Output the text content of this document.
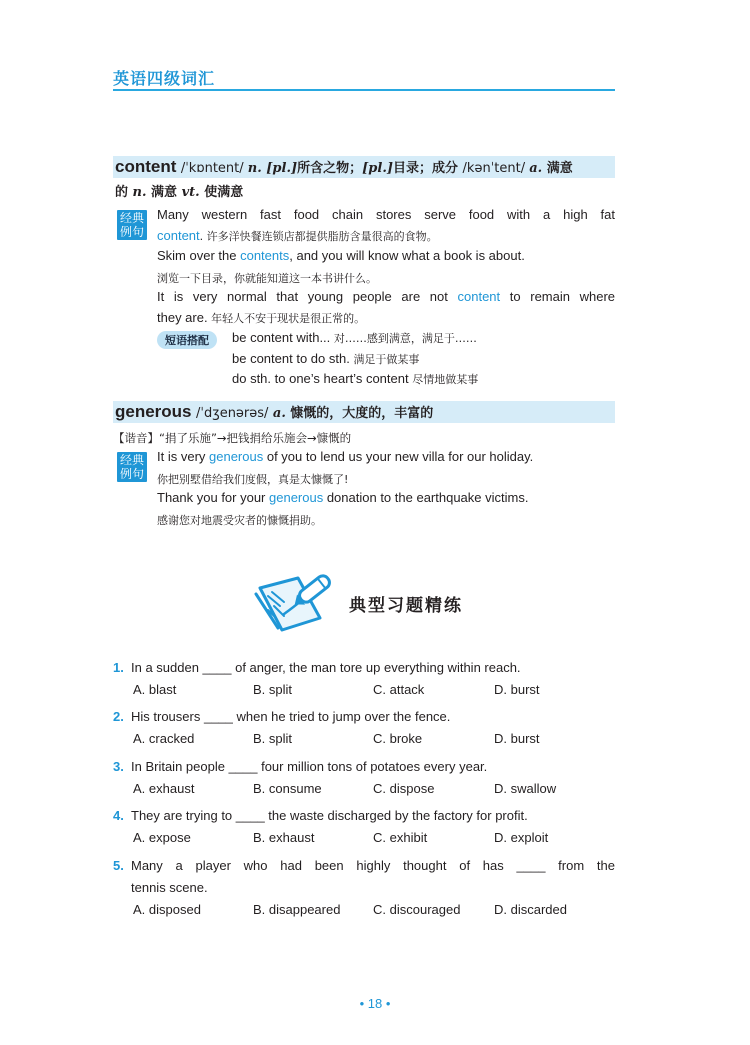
英语四级词汇
content /ˈkɒntent/ n. [pl.]所含之物；[pl.]目录；成分 /kənˈtent/ a. 满意
的 n. 满意 vt. 使满意
经典
例句
Many western fast food chain stores serve food with a high fat
content. 许多洋快餐连锁店都提供脂肪含量很高的食物。
Skim over the contents, and you will know what a book is about.
浏览一下目录，你就能知道这一本书讲什么。
It is very normal that young people are not content to remain where
they are. 年轻人不安于现状是很正常的。
短语搭配	be content with... 对……感到满意，满足于……
be content to do sth. 满足于做某事
do sth. to one’s heart’s content 尽情地做某事
generous /ˈdʒenərəs/ a. 慷慨的，大度的，丰富的
【谐音】“捐了乐施”→把钱捐给乐施会→慷慨的
经典
例句
It is very generous of you to lend us your new villa for our holiday.
你把别墅借给我们度假，真是太慷慨了!
Thank you for your generous donation to the earthquake victims.
感谢您对地震受灾者的慷慨捐助。
典型习题精练
1. In a sudden ____ of anger, the man tore up everything within reach.
A. blast	B. split	C. attack	D. burst
2. His trousers ____ when he tried to jump over the fence.
A. cracked	B. split	C. broke	D. burst
3. In Britain people ____ four million tons of potatoes every year.
A. exhaust	B. consume	C. dispose	D. swallow
4. They are trying to ____ the waste discharged by the factory for profit.
A. expose	B. exhaust	C. exhibit	D. exploit
5. Many a player who had been highly thought of has ____ from the
tennis scene.
A. disposed	B. disappeared	C. discouraged	D. discarded
• 18 •
